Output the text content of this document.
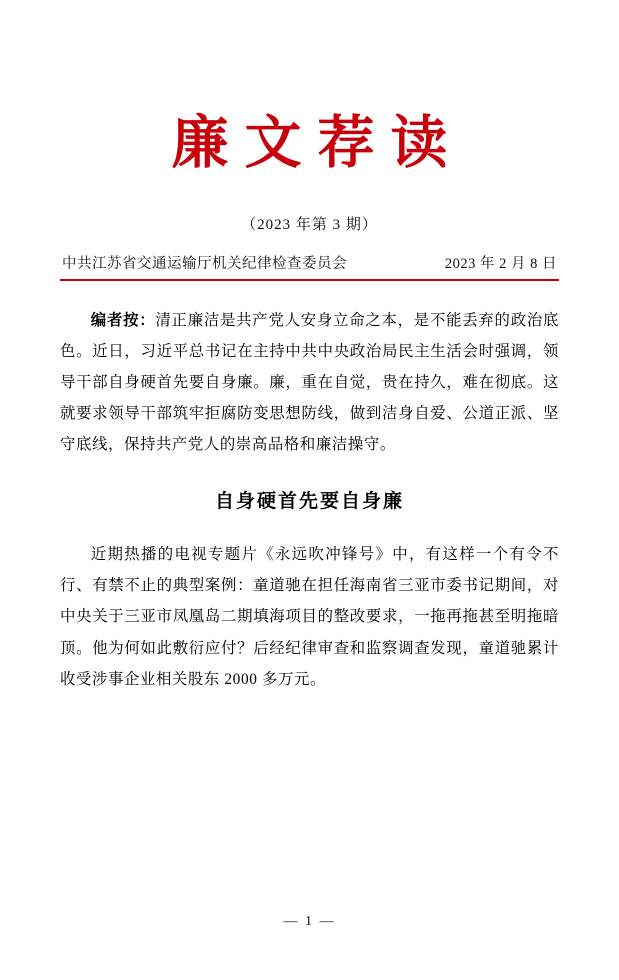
廉文荐读
（2023 年第 3 期）
中共江苏省交通运输厅机关纪律检查委员会	2023 年 2 月 8 日
编者按：清正廉洁是共产党人安身立命之本，是不能丢弃的政治底色。近日，习近平总书记在主持中共中央政治局民主生活会时强调，领导干部自身硬首先要自身廉。廉，重在自觉，贵在持久，难在彻底。这就要求领导干部筑牢拒腐防变思想防线，做到洁身自爱、公道正派、坚守底线，保持共产党人的崇高品格和廉洁操守。
自身硬首先要自身廉
近期热播的电视专题片《永远吹冲锋号》中，有这样一个有令不行、有禁不止的典型案例：童道驰在担任海南省三亚市委书记期间，对中央关于三亚市凤凰岛二期填海项目的整改要求，一拖再拖甚至明拖暗顶。他为何如此敷衍应付？后经纪律审查和监察调查发现，童道驰累计收受涉事企业相关股东 2000 多万元。
— 1 —
